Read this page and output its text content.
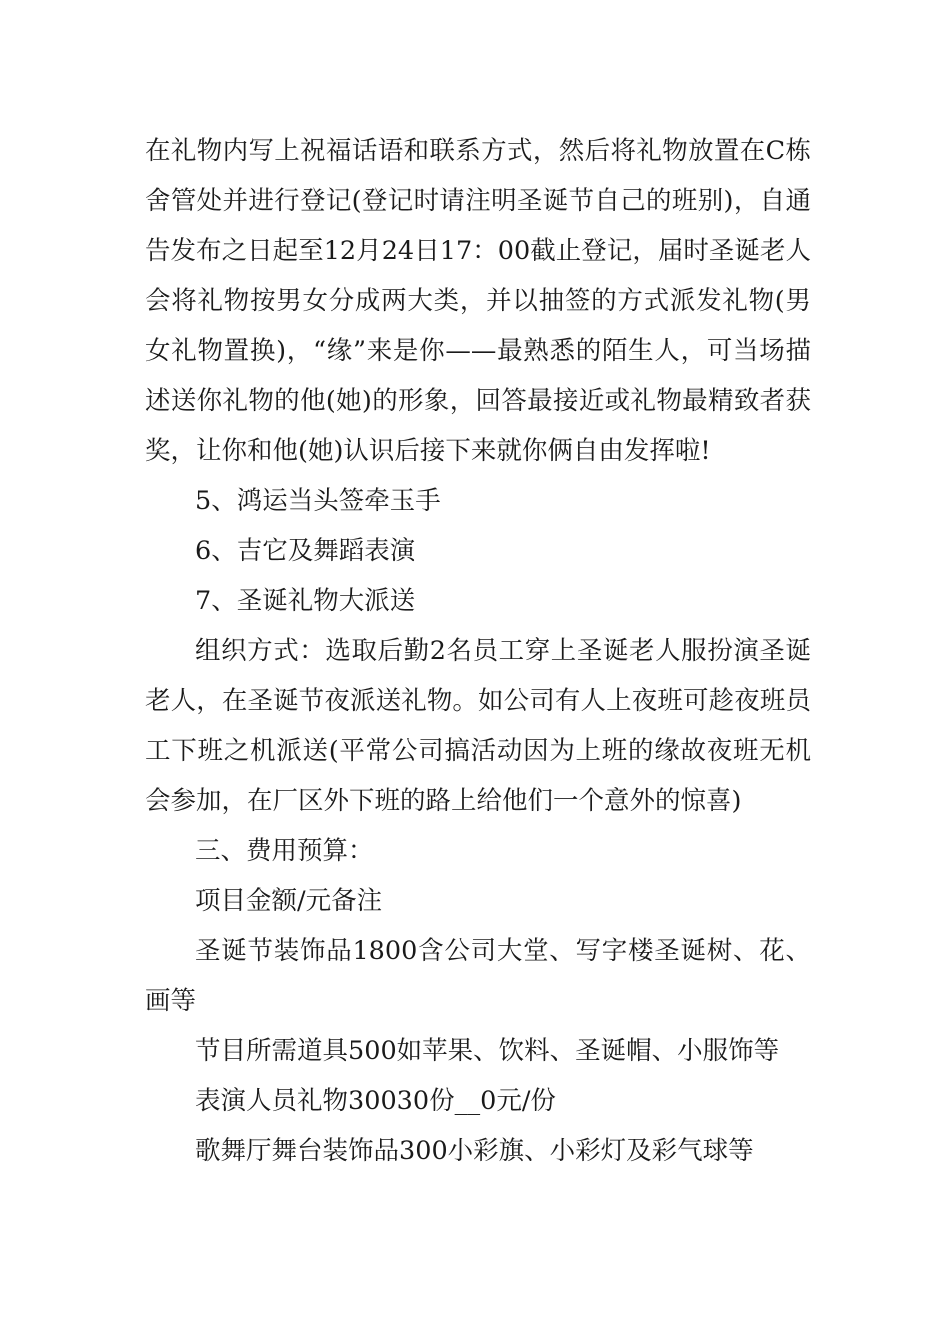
在礼物内写上祝福话语和联系方式，然后将礼物放置在C栋舍管处并进行登记(登记时请注明圣诞节自己的班别)，自通告发布之日起至12月24日17：00截止登记，届时圣诞老人会将礼物按男女分成两大类，并以抽签的方式派发礼物(男女礼物置换)，“缘”来是你——最熟悉的陌生人，可当场描述送你礼物的他(她)的形象，回答最接近或礼物最精致者获奖，让你和他(她)认识后接下来就你俩自由发挥啦!

5、鸿运当头签牵玉手

6、吉它及舞蹈表演

7、圣诞礼物大派送

组织方式：选取后勤2名员工穿上圣诞老人服扮演圣诞老人，在圣诞节夜派送礼物。如公司有人上夜班可趁夜班员工下班之机派送(平常公司搞活动因为上班的缘故夜班无机会参加，在厂区外下班的路上给他们一个意外的惊喜)

三、费用预算：

项目金额/元备注

圣诞节装饰品1800含公司大堂、写字楼圣诞树、花、画等

节目所需道具500如苹果、饮料、圣诞帽、小服饰等

表演人员礼物30030份__0元/份

歌舞厅舞台装饰品300小彩旗、小彩灯及彩气球等
